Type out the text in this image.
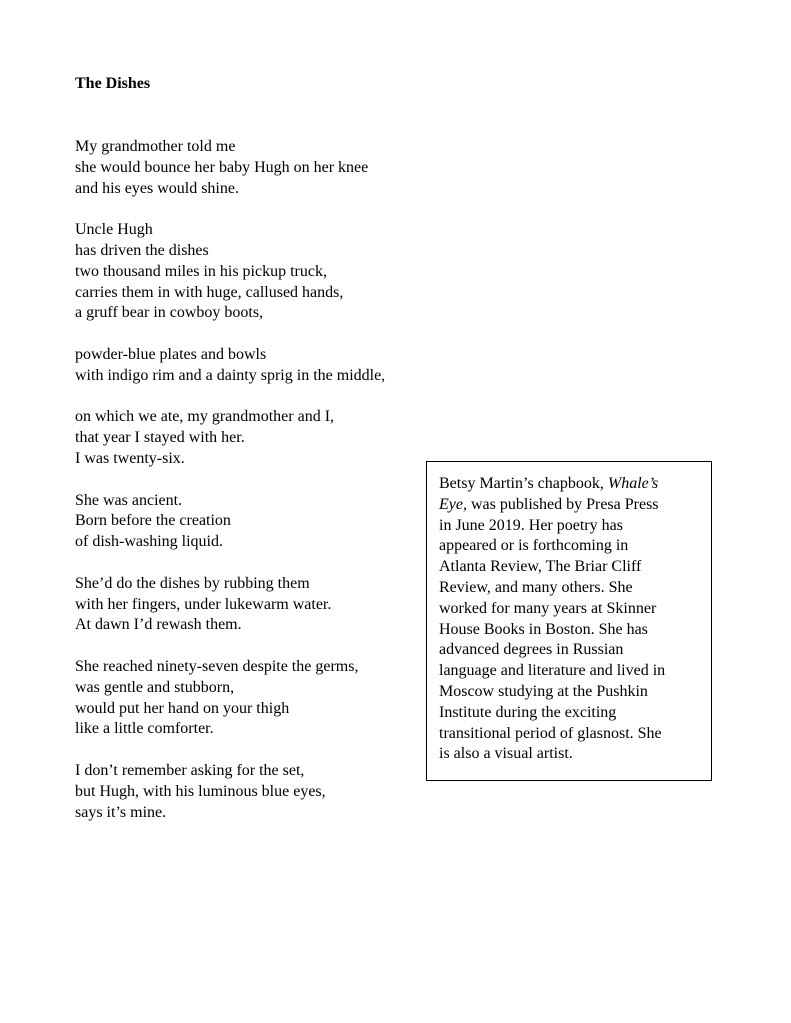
The Dishes
My grandmother told me
she would bounce her baby Hugh on her knee
and his eyes would shine.
Uncle Hugh
has driven the dishes
two thousand miles in his pickup truck,
carries them in with huge, callused hands,
a gruff bear in cowboy boots,
powder-blue plates and bowls
with indigo rim and a dainty sprig in the middle,
on which we ate, my grandmother and I,
that year I stayed with her.
I was twenty-six.
She was ancient.
Born before the creation
of dish-washing liquid.
She’d do the dishes by rubbing them
with her fingers, under lukewarm water.
At dawn I’d rewash them.
She reached ninety-seven despite the germs,
was gentle and stubborn,
would put her hand on your thigh
like a little comforter.
I don’t remember asking for the set,
but Hugh, with his luminous blue eyes,
says it’s mine.
Betsy Martin’s chapbook, Whale’s
Eye, was published by Presa Press
in June 2019. Her poetry has
appeared or is forthcoming in
Atlanta Review, The Briar Cliff
Review, and many others. She
worked for many years at Skinner
House Books in Boston. She has
advanced degrees in Russian
language and literature and lived in
Moscow studying at the Pushkin
Institute during the exciting
transitional period of glasnost. She
is also a visual artist.
